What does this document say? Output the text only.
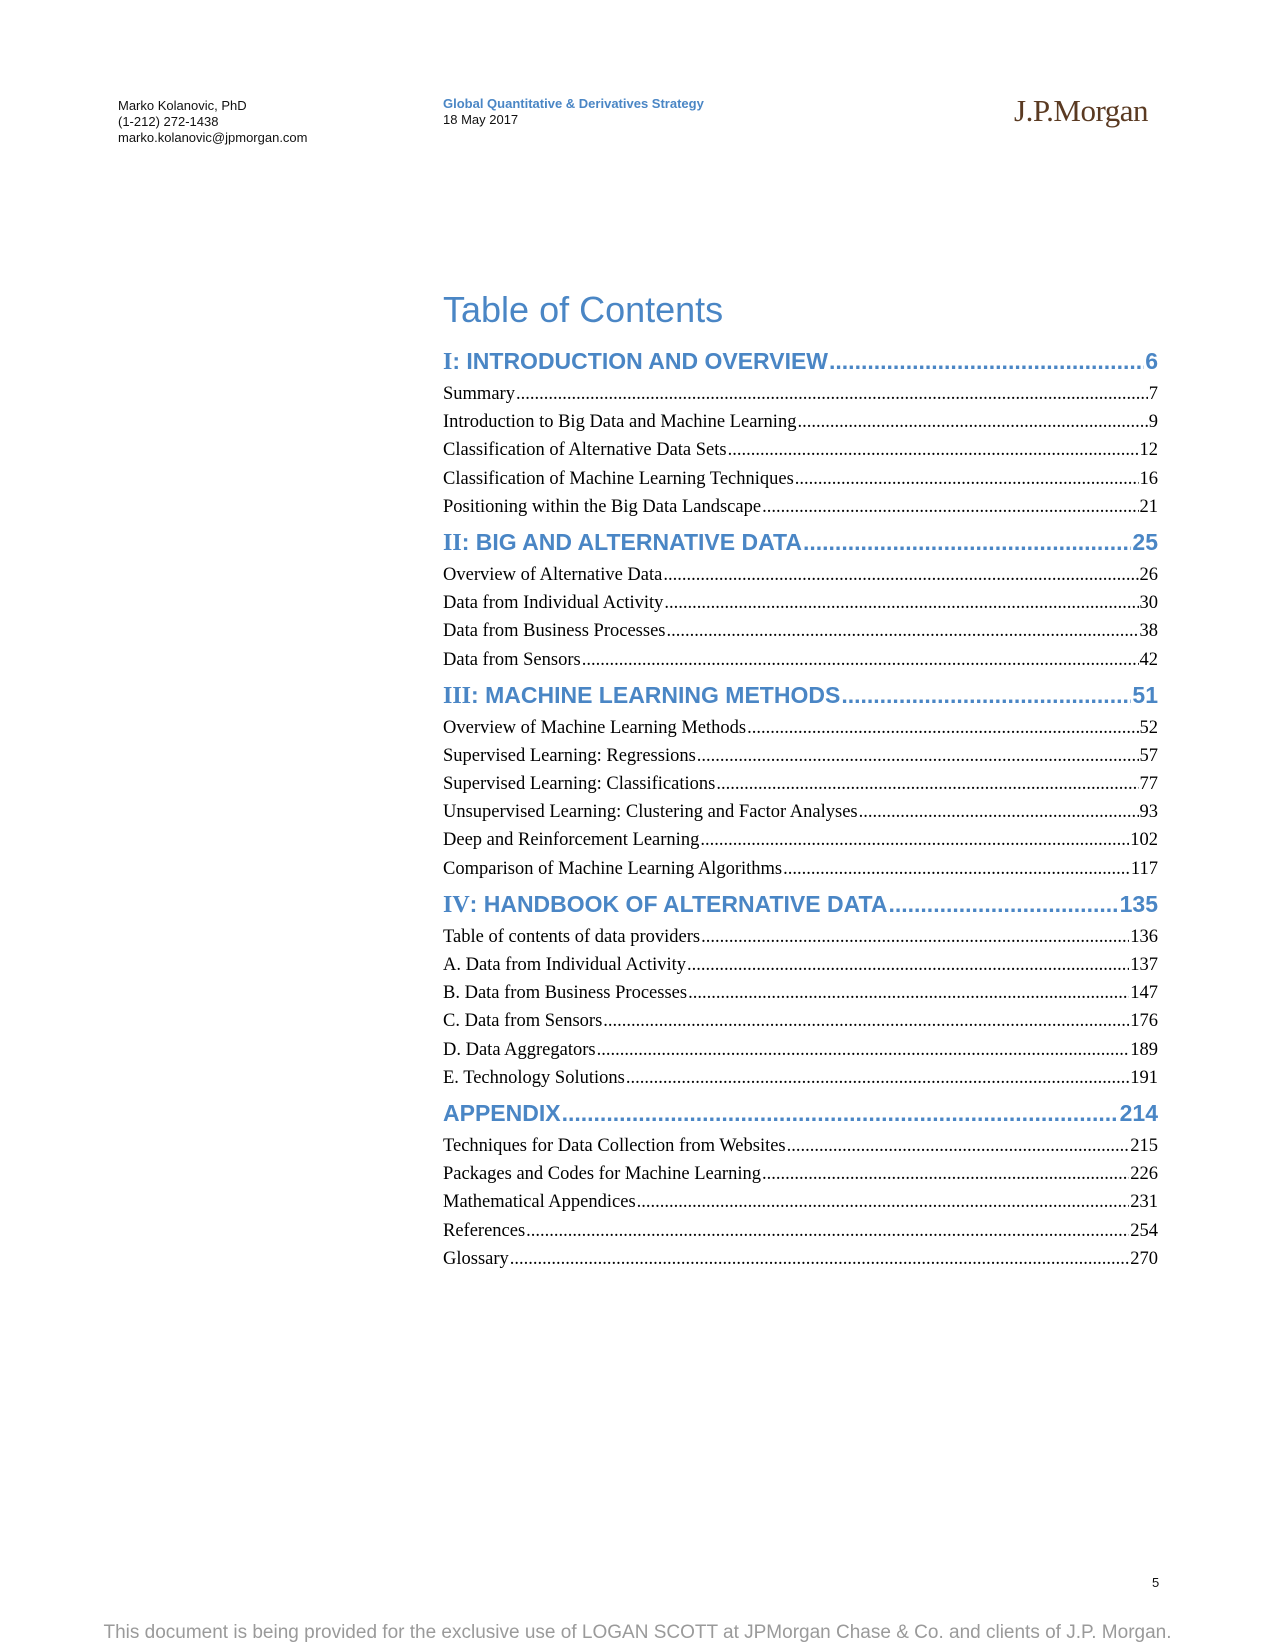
Marko Kolanovic, PhD
(1-212) 272-1438
marko.kolanovic@jpmorgan.com
Global Quantitative & Derivatives Strategy
18 May 2017	J.P.Morgan
Table of Contents
I : INTRODUCTION AND OVERVIEW .....	6
Summary .....	7
Introduction to Big Data and Machine Learning .....	9
Classification of Alternative Data Sets .....	12
Classification of Machine Learning Techniques .....	16
Positioning within the Big Data Landscape .....	21
II : BIG AND ALTERNATIVE DATA .....	25
Overview of Alternative Data .....	26
Data from Individual Activity .....	30
Data from Business Processes .....	38
Data from Sensors .....	42
III : MACHINE LEARNING METHODS .....	51
Overview of Machine Learning Methods .....	52
Supervised Learning: Regressions .....	57
Supervised Learning: Classifications .....	77
Unsupervised Learning: Clustering and Factor Analyses .....	93
Deep and Reinforcement Learning .....	102
Comparison of Machine Learning Algorithms .....	117
IV : HANDBOOK OF ALTERNATIVE DATA .....	135
Table of contents of data providers .....	136
A. Data from Individual Activity .....	137
B. Data from Business Processes .....	147
C. Data from Sensors .....	176
D. Data Aggregators .....	189
E. Technology Solutions .....	191
APPENDIX .....	214
Techniques for Data Collection from Websites .....	215
Packages and Codes for Machine Learning .....	226
Mathematical Appendices .....	231
References .....	254
Glossary .....	270
5
This document is being provided for the exclusive use of LOGAN SCOTT at JPMorgan Chase & Co. and clients of J.P. Morgan.
